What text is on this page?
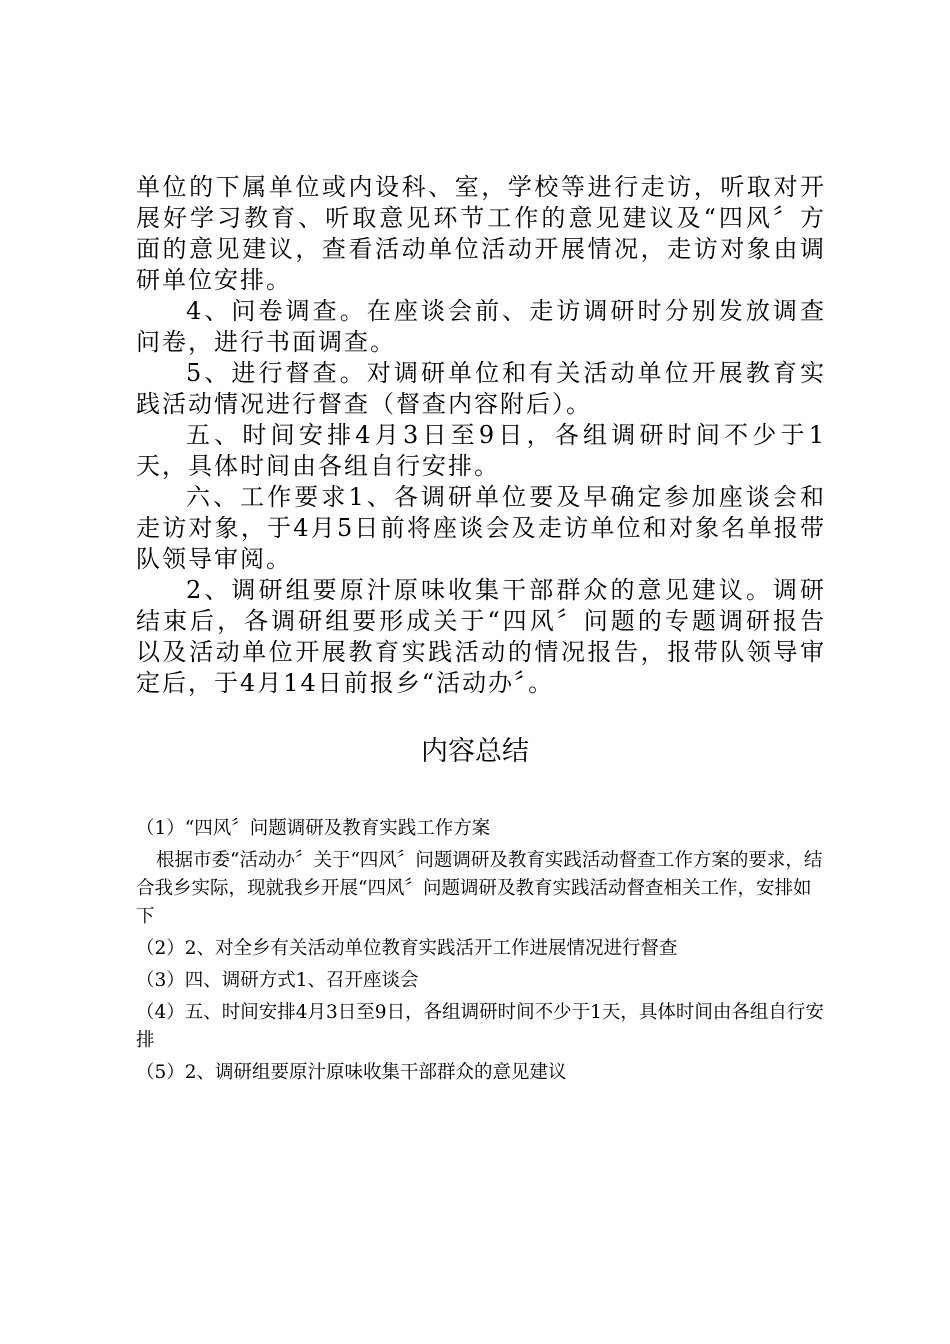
单位的下属单位或内设科、室，学校等进行走访，听取对开展好学习教育、听取意见环节工作的意见建议及“四风〞方面的意见建议，查看活动单位活动开展情况，走访对象由调研单位安排。

4、问卷调查。在座谈会前、走访调研时分别发放调查问卷，进行书面调查。

5、进行督查。对调研单位和有关活动单位开展教育实践活动情况进行督查（督查内容附后）。

五、时间安排4月3日至9日，各组调研时间不少于1天，具体时间由各组自行安排。

六、工作要求1、各调研单位要及早确定参加座谈会和走访对象，于4月5日前将座谈会及走访单位和对象名单报带队领导审阅。

2、调研组要原汁原味收集干部群众的意见建议。调研结束后，各调研组要形成关于“四风〞问题的专题调研报告以及活动单位开展教育实践活动的情况报告，报带队领导审定后，于4月14日前报乡“活动办〞。

内容总结

（1）“四风〞问题调研及教育实践工作方案

根据市委“活动办〞关于“四风〞问题调研及教育实践活动督查工作方案的要求，结合我乡实际，现就我乡开展“四风〞问题调研及教育实践活动督查相关工作，安排如下

（2）2、对全乡有关活动单位教育实践活开工作进展情况进行督查

（3）四、调研方式1、召开座谈会

（4）五、时间安排4月3日至9日，各组调研时间不少于1天，具体时间由各组自行安排

（5）2、调研组要原汁原味收集干部群众的意见建议
